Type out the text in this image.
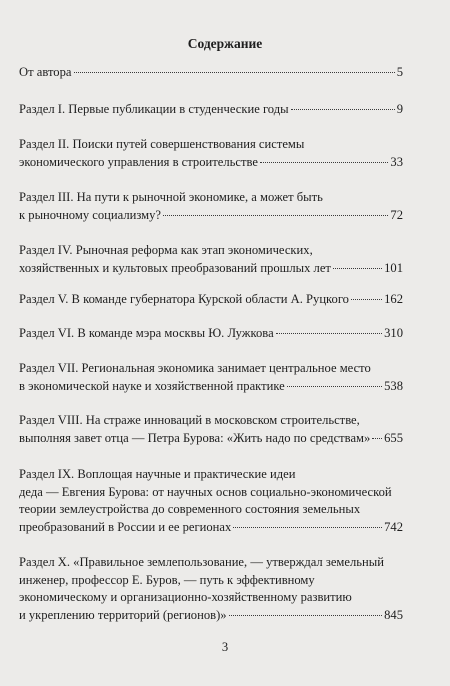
Содержание
От автора	5
Раздел I. Первые публикации в студенческие годы	9
Раздел II. Поиски путей совершенствования системы
экономического управления в строительстве	33
Раздел III. На пути к рыночной экономике, а может быть
к рыночному социализму?	72
Раздел IV. Рыночная реформа как этап экономических,
хозяйственных и культовых преобразований прошлых лет	101
Раздел V. В команде губернатора Курской области А. Руцкого	162
Раздел VI. В команде мэра москвы Ю. Лужкова	310
Раздел VII. Региональная экономика занимает центральное место
в экономической науке и хозяйственной практике	538
Раздел VIII. На страже инноваций в московском строительстве,
выполняя завет отца — Петра Бурова: «Жить надо по средствам» 655
Раздел IX. Воплощая научные и практические идеи
деда — Евгения Бурова: от научных основ социально-экономической
теории землеустройства до современного состояния земельных
преобразований в России и ее регионах	742
Раздел X. «Правильное землепользование, — утверждал земельный
инженер, профессор Е. Буров, — путь к эффективному
экономическому и организационно-хозяйственному развитию
и укреплению территорий (регионов)»	845
3
